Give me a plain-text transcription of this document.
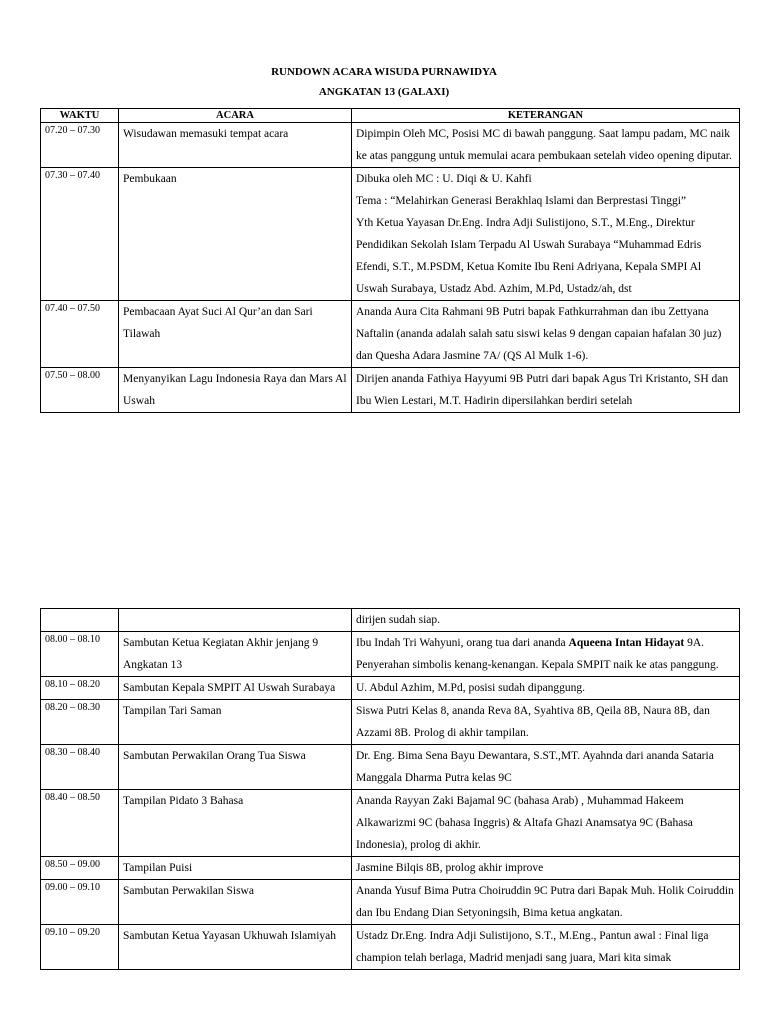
RUNDOWN ACARA WISUDA PURNAWIDYA
ANGKATAN 13 (GALAXI)
WAKTU	ACARA	KETERANGAN
07.20 – 07.30	Wisudawan memasuki tempat acara	Dipimpin Oleh MC, Posisi MC di bawah panggung. Saat lampu padam, MC naik ke atas panggung untuk memulai acara pembukaan setelah video opening diputar.
07.30 – 07.40	Pembukaan	Dibuka oleh MC : U. Diqi & U. Kahfi
Tema : “Melahirkan Generasi Berakhlaq Islami dan Berprestasi Tinggi”
Yth Ketua Yayasan Dr.Eng. Indra Adji Sulistijono, S.T., M.Eng., Direktur Pendidikan Sekolah Islam Terpadu Al Uswah Surabaya “Muhammad Edris Efendi, S.T., M.PSDM, Ketua Komite Ibu Reni Adriyana, Kepala SMPI Al Uswah Surabaya, Ustadz Abd. Azhim, M.Pd, Ustadz/ah, dst
07.40 – 07.50	Pembacaan Ayat Suci Al Qur’an dan Sari Tilawah	Ananda Aura Cita Rahmani 9B Putri bapak Fathkurrahman dan ibu Zettyana Naftalin (ananda adalah salah satu siswi kelas 9 dengan capaian hafalan 30 juz) dan Quesha Adara Jasmine 7A/ (QS Al Mulk 1-6).
07.50 – 08.00	Menyanyikan Lagu Indonesia Raya dan Mars Al Uswah	Dirijen ananda Fathiya Hayyumi 9B Putri dari bapak Agus Tri Kristanto, SH dan Ibu Wien Lestari, M.T. Hadirin dipersilahkan berdiri setelah
		dirijen sudah siap.
08.00 – 08.10	Sambutan Ketua Kegiatan Akhir jenjang 9 Angkatan 13	Ibu Indah Tri Wahyuni, orang tua dari ananda Aqueena Intan Hidayat 9A. Penyerahan simbolis kenang-kenangan. Kepala SMPIT naik ke atas panggung.
08.10 – 08.20	Sambutan Kepala SMPIT Al Uswah Surabaya	U. Abdul Azhim, M.Pd, posisi sudah dipanggung.
08.20 – 08.30	Tampilan Tari Saman	Siswa Putri Kelas 8, ananda Reva 8A, Syahtiva 8B, Qeila 8B, Naura 8B, dan Azzami 8B. Prolog di akhir tampilan.
08.30 – 08.40	Sambutan Perwakilan Orang Tua Siswa	Dr. Eng. Bima Sena Bayu Dewantara, S.ST.,MT. Ayahnda dari ananda Sataria Manggala Dharma Putra kelas 9C
08.40 – 08.50	Tampilan Pidato 3 Bahasa	Ananda Rayyan Zaki Bajamal 9C (bahasa Arab) , Muhammad Hakeem Alkawarizmi 9C (bahasa Inggris) & Altafa Ghazi Anamsatya 9C (Bahasa Indonesia), prolog di akhir.
08.50 – 09.00	Tampilan Puisi	Jasmine Bilqis 8B, prolog akhir improve
09.00 – 09.10	Sambutan Perwakilan Siswa	Ananda Yusuf Bima Putra Choiruddin 9C Putra dari Bapak Muh. Holik Coiruddin dan Ibu Endang Dian Setyoningsih, Bima ketua angkatan.
09.10 – 09.20	Sambutan Ketua Yayasan Ukhuwah Islamiyah	Ustadz Dr.Eng. Indra Adji Sulistijono, S.T., M.Eng., Pantun awal : Final liga champion telah berlaga, Madrid menjadi sang juara, Mari kita simak
